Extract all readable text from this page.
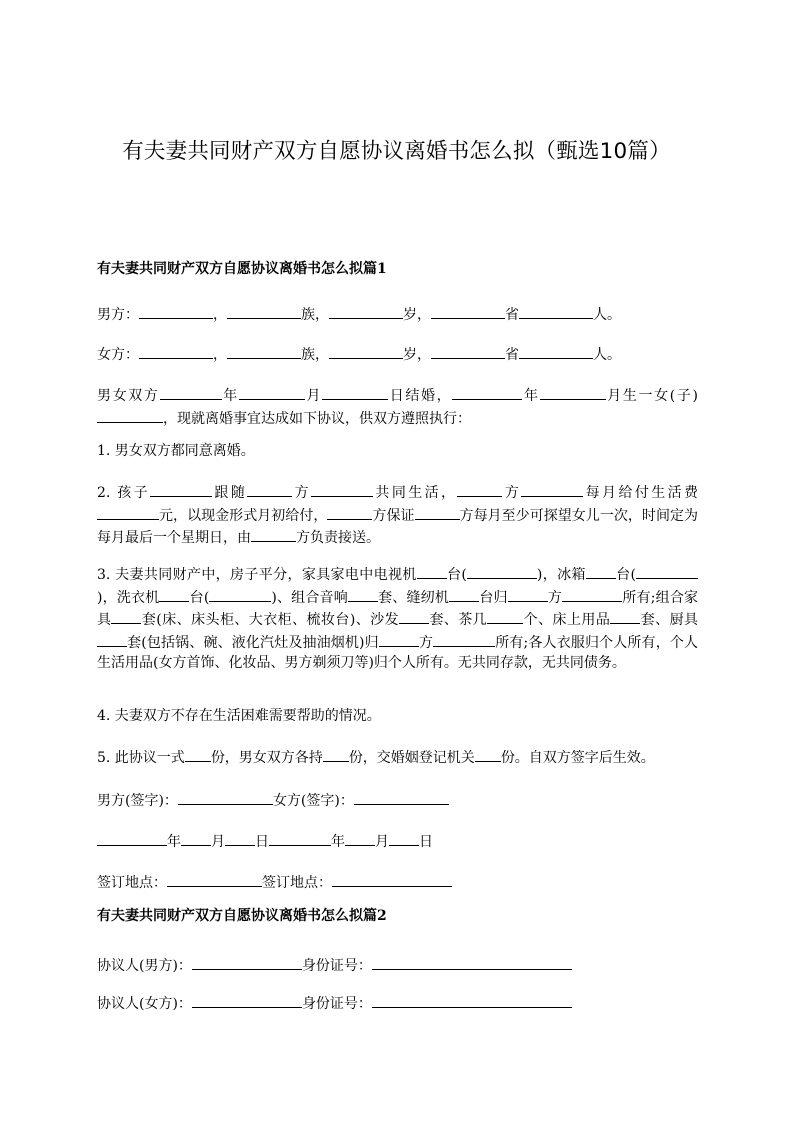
有夫妻共同财产双方自愿协议离婚书怎么拟（甄选10篇）
有夫妻共同财产双方自愿协议离婚书怎么拟篇1
男方：	，	族，	岁，	省	人。
女方：	，	族，	岁，	省	人。
男女双方	年	月	日结婚，	年	月生一女(子)，现就离婚事宜达成如下协议，供双方遵照执行：
1. 男女双方都同意离婚。
2. 孩子	跟随	方	共同生活，	方	每月给付生活费元，以现金形式月初给付，	方保证	方每月至少可探望女儿一次，时间定为每月最后一个星期日，由	方负责接送。
3. 夫妻共同财产中，房子平分，家具家电中电视机 台(	)，冰箱 台()，洗衣机 台(	)、组合音响 套、缝纫机 台归	方	所有;组合家具 套(床、床头柜、大衣柜、梳妆台)、沙发 套、茶几	个、床上用品 套、厨具套(包括锅、碗、液化汽灶及抽油烟机)归	方	所有;各人衣服归个人所有，个人生活用品(女方首饰、化妆品、男方剃须刀等)归个人所有。无共同存款，无共同债务。
4. 夫妻双方不存在生活困难需要帮助的情况。
5. 此协议一式 份，男女双方各持 份，交婚姻登记机关 份。自双方签字后生效。
男方(签字)：	女方(签字)：
年 月 日	年 月 日
签订地点：	签订地点：
有夫妻共同财产双方自愿协议离婚书怎么拟篇2
协议人(男方)：	身份证号：
协议人(女方)：	身份证号：
